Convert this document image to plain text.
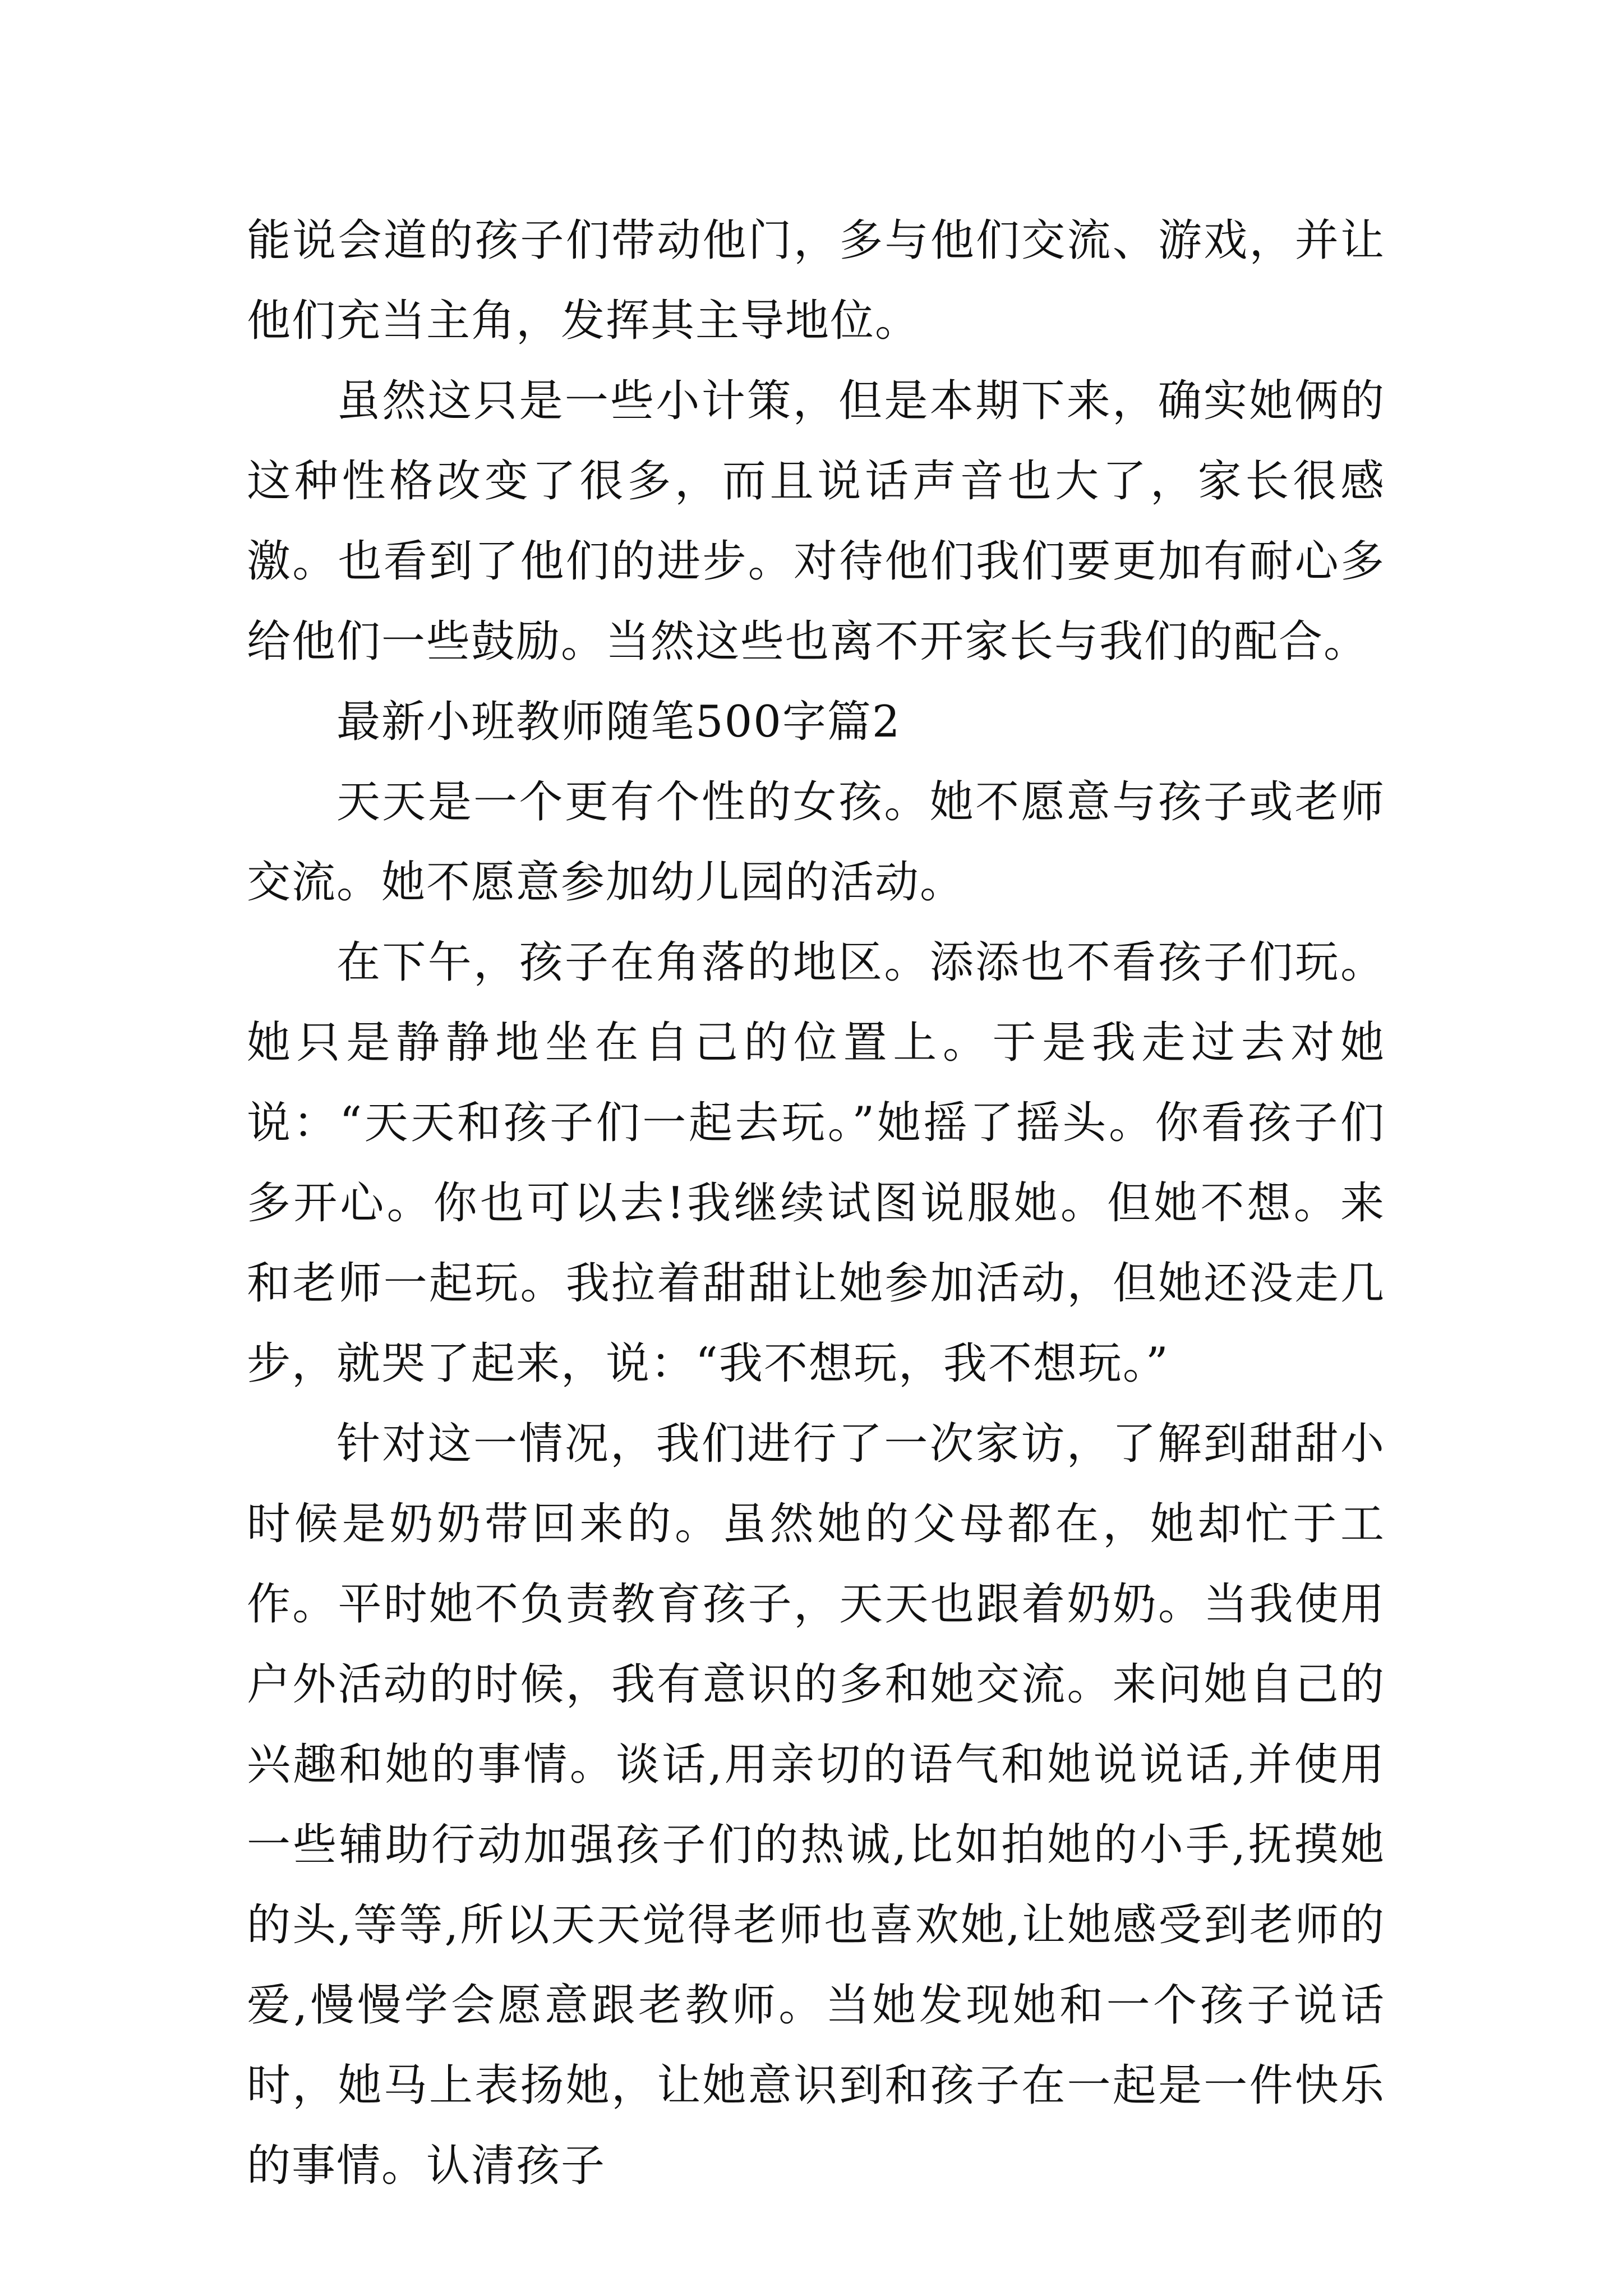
能说会道的孩子们带动他门，多与他们交流、游戏，并让他们充当主角，发挥其主导地位。

虽然这只是一些小计策，但是本期下来，确实她俩的这种性格改变了很多，而且说话声音也大了，家长很感激。也看到了他们的进步。对待他们我们要更加有耐心多给他们一些鼓励。当然这些也离不开家长与我们的配合。

最新小班教师随笔500字篇2

天天是一个更有个性的女孩。她不愿意与孩子或老师交流。她不愿意参加幼儿园的活动。

在下午，孩子在角落的地区。添添也不看孩子们玩。她只是静静地坐在自己的位置上。于是我走过去对她说：“天天和孩子们一起去玩。”她摇了摇头。你看孩子们多开心。你也可以去!我继续试图说服她。但她不想。来和老师一起玩。我拉着甜甜让她参加活动，但她还没走几步，就哭了起来，说：“我不想玩，我不想玩。”

针对这一情况，我们进行了一次家访，了解到甜甜小时候是奶奶带回来的。虽然她的父母都在，她却忙于工作。平时她不负责教育孩子，天天也跟着奶奶。当我使用户外活动的时候，我有意识的多和她交流。来问她自己的兴趣和她的事情。谈话,用亲切的语气和她说说话,并使用一些辅助行动加强孩子们的热诚,比如拍她的小手,抚摸她的头,等等,所以天天觉得老师也喜欢她,让她感受到老师的爱,慢慢学会愿意跟老教师。当她发现她和一个孩子说话时，她马上表扬她，让她意识到和孩子在一起是一件快乐的事情。认清孩子
